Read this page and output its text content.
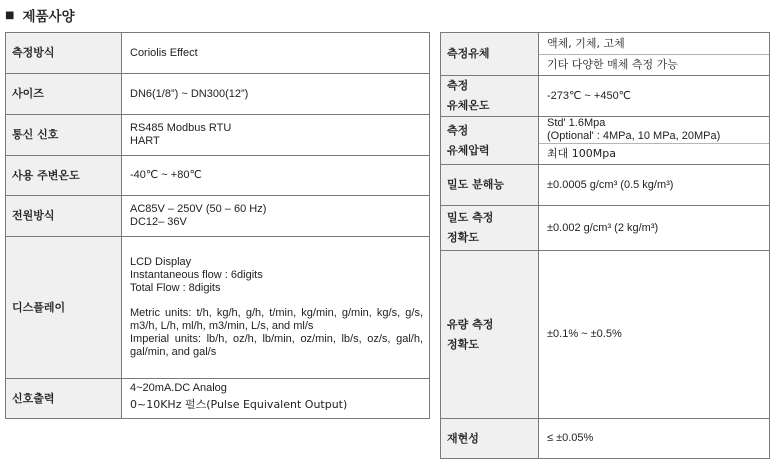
■ 제품사양
측정방식	Coriolis Effect

사이즈	DN6(1/8”) ~ DN300(12”)

통신 신호	RS485 Modbus RTU
HART

사용 주변온도	-40℃ ~ +80℃

전원방식	AC85V – 250V (50 – 60 Hz)
DC12– 36V

디스플레이	LCD Display
Instantaneous flow : 6digits
Total Flow : 8digits
Metric units: t/h, kg/h, g/h, t/min, kg/min, g/min, kg/s, g/s, m3/h, L/h, ml/h, m3/min, L/s, and ml/s
Imperial units: lb/h, oz/h, lb/min, oz/min, lb/s, oz/s, gal/h, gal/min, and gal/s

신호출력	4~20mA.DC Analog
0~10KHz 펄스(Pulse Equivalent Output)
측정유체	액체, 기체, 고체
기타 다양한 매체 측정 가능

측정
유체온도	-273℃ ~ +450℃

측정
유체압력	Std' 1.6Mpa
(Optional' : 4MPa, 10 MPa, 20MPa)
최대 100Mpa

밀도 분해능	±0.0005 g/cm³ (0.5 kg/m³)

밀도 측정
정확도	±0.002 g/cm³ (2 kg/m³)

유량 측정
정확도	±0.1% ~ ±0.5%

재현성	≤ ±0.05%
